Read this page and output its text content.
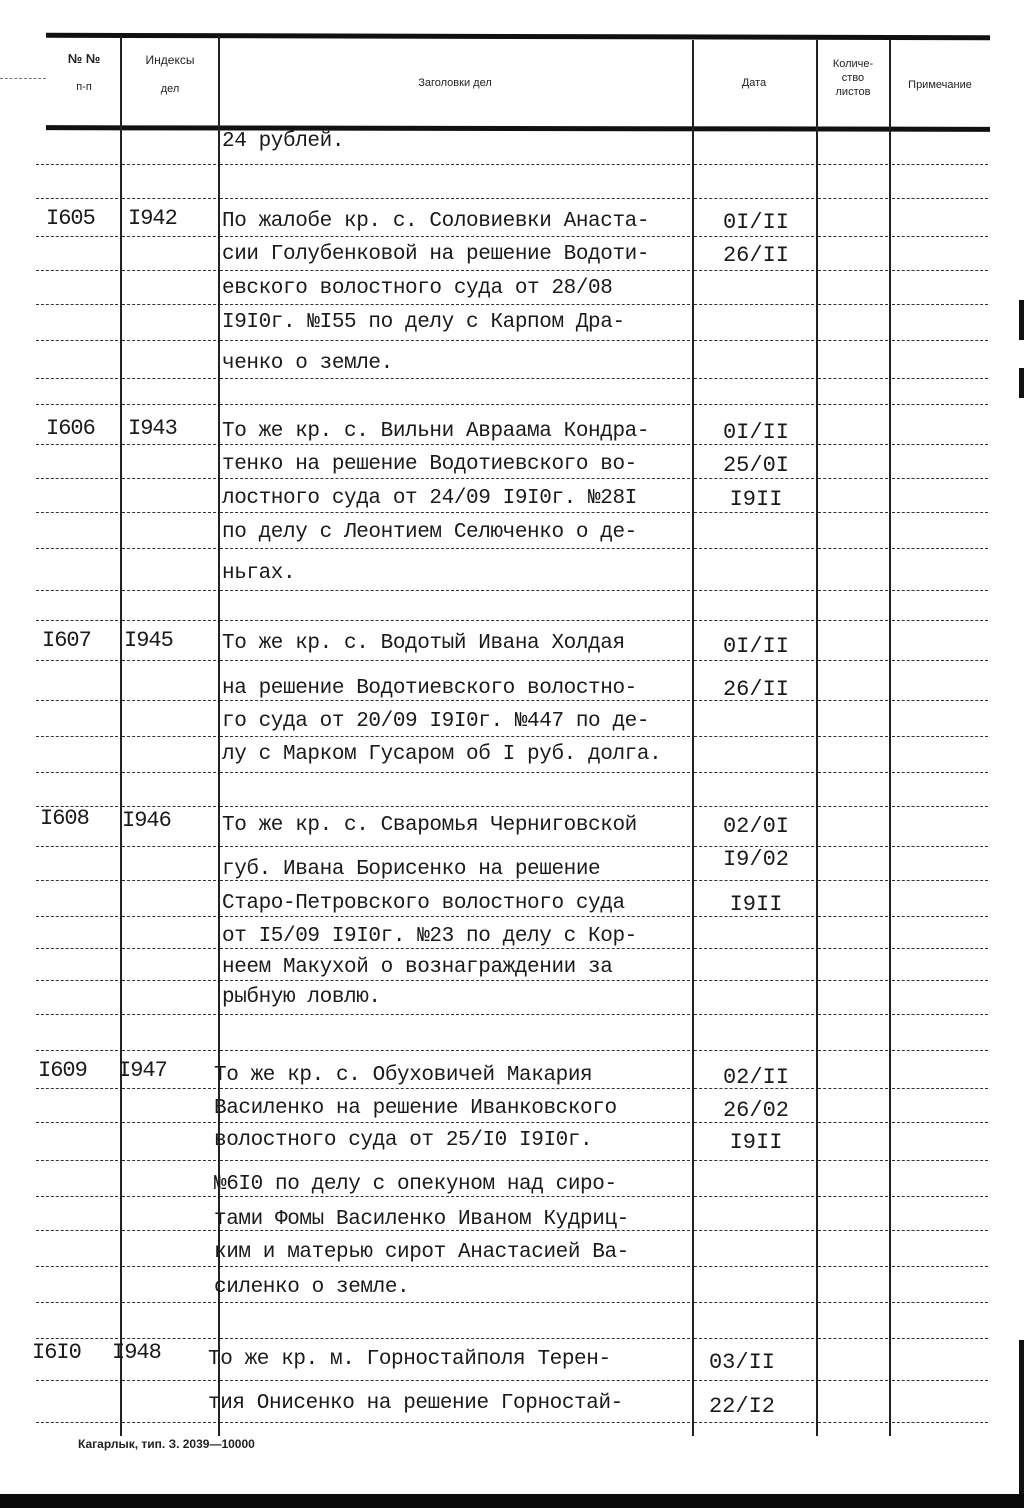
№ №
п-п
Индексы
дел
Заголовки дел	Дата
Количе-
ство
листов
Примечание
24 рублей.
I605 I942 По жалобе кр. с. Соловиевки Анаста-
сии Голубенковой на решение Водоти-
евского волостного суда от 28/08
I9I0г. №I55 по делу с Карпом Дра-
ченко о земле.
0I/II
26/II
I606 I943 То же кр. с. Вильни Авраама Кондра-
тенко на решение Водотиевского во-
лостного суда от 24/09 I9I0г. №28I
по делу с Леонтием Селюченко о де-
ньгах.
0I/II
25/0I
I9II
I607 I945 То же кр. с. Водотый Ивана Холдая
на решение Водотиевского волостно-
го суда от 20/09 I9I0г. №447 по де-
лу с Марком Гусаром об I руб. долга.
0I/II
26/II
I608 I946 То же кр. с. Сваромья Черниговской
губ. Ивана Борисенко на решение
Старо-Петровского волостного суда
от I5/09 I9I0г. №23 по делу с Кор-
неем Макухой о вознаграждении за
рыбную ловлю.
02/0I
I9/02
I9II
I609 I947 То же кр. с. Обуховичей Макария
Василенко на решение Иванковского
волостного суда от 25/I0 I9I0г.
№6I0 по делу с опекуном над сиро-
тами Фомы Василенко Иваном Кудриц-
ким и матерью сирот Анастасией Ва-
силенко о земле.
02/II
26/02
I9II
I6I0 I948 То же кр. м. Горностайполя Терен-
тия Онисенко на решение Горностай-
03/II
22/I2
Кагарлык, тип. З. 2039—10000
